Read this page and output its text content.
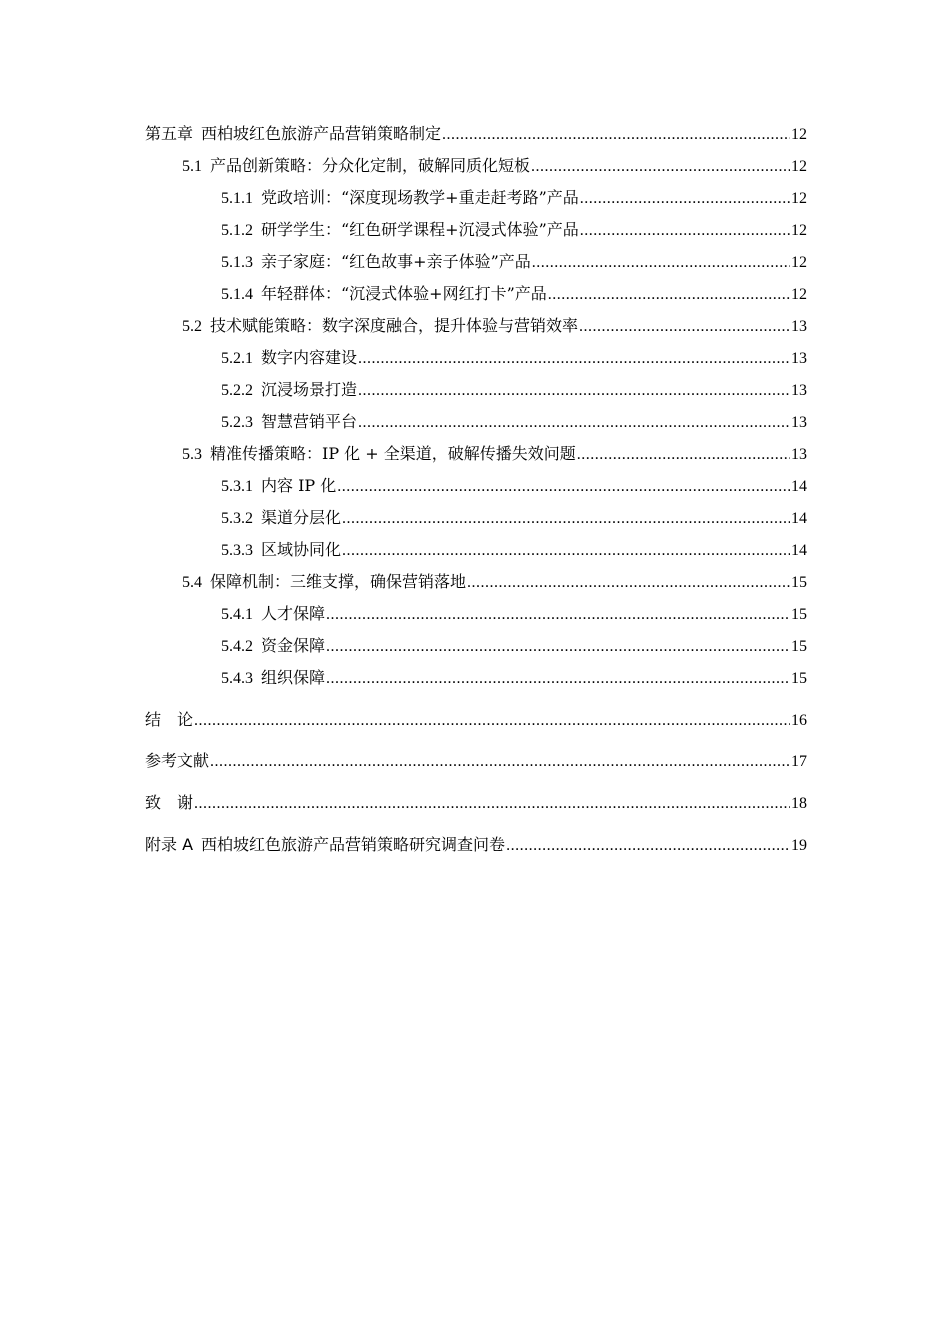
第五章 西柏坡红色旅游产品营销策略制定 .....	12
5.1 产品创新策略：分众化定制，破解同质化短板 .....	12
5.1.1 党政培训：“深度现场教学+重走赶考路”产品 .....	12
5.1.2 研学学生：“红色研学课程+沉浸式体验”产品 .....	12
5.1.3 亲子家庭：“红色故事+亲子体验”产品 .....	12
5.1.4 年轻群体：“沉浸式体验+网红打卡”产品 .....	12
5.2 技术赋能策略：数字深度融合，提升体验与营销效率 .....	13
5.2.1 数字内容建设 .....	13
5.2.2 沉浸场景打造 .....	13
5.2.3 智慧营销平台 .....	13
5.3 精准传播策略：IP 化 + 全渠道，破解传播失效问题 .....	13
5.3.1 内容 IP 化 .....	14
5.3.2 渠道分层化 .....	14
5.3.3 区域协同化 .....	14
5.4 保障机制：三维支撑，确保营销落地 .....	15
5.4.1 人才保障 .....	15
5.4.2 资金保障 .....	15
5.4.3 组织保障 .....	15
结　论 .....	16
参考文献 .....	17
致　谢 .....	18
附录 A 西柏坡红色旅游产品营销策略研究调查问卷 .....	19
